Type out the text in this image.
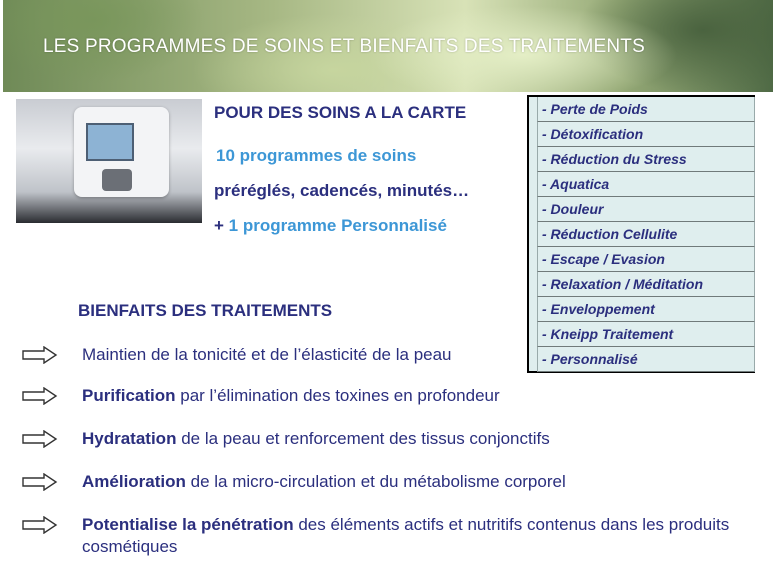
LES PROGRAMMES DE SOINS ET BIENFAITS DES TRAITEMENTS
POUR DES SOINS A LA CARTE
10 programmes de soins
préréglés, cadencés, minutés…
+ 1 programme Personnalisé
- Perte de Poids
- Détoxification
- Réduction du Stress
- Aquatica
- Douleur
- Réduction Cellulite
- Escape / Evasion
- Relaxation / Méditation
- Enveloppement
- Kneipp Traitement
- Personnalisé
BIENFAITS DES TRAITEMENTS
Maintien de la tonicité et de l’élasticité de la peau
Purification par l’élimination des toxines en profondeur
Hydratation de la peau et renforcement des tissus conjonctifs
Amélioration de la micro-circulation et du métabolisme corporel
Potentialise la pénétration des éléments actifs et nutritifs contenus dans les produits cosmétiques
